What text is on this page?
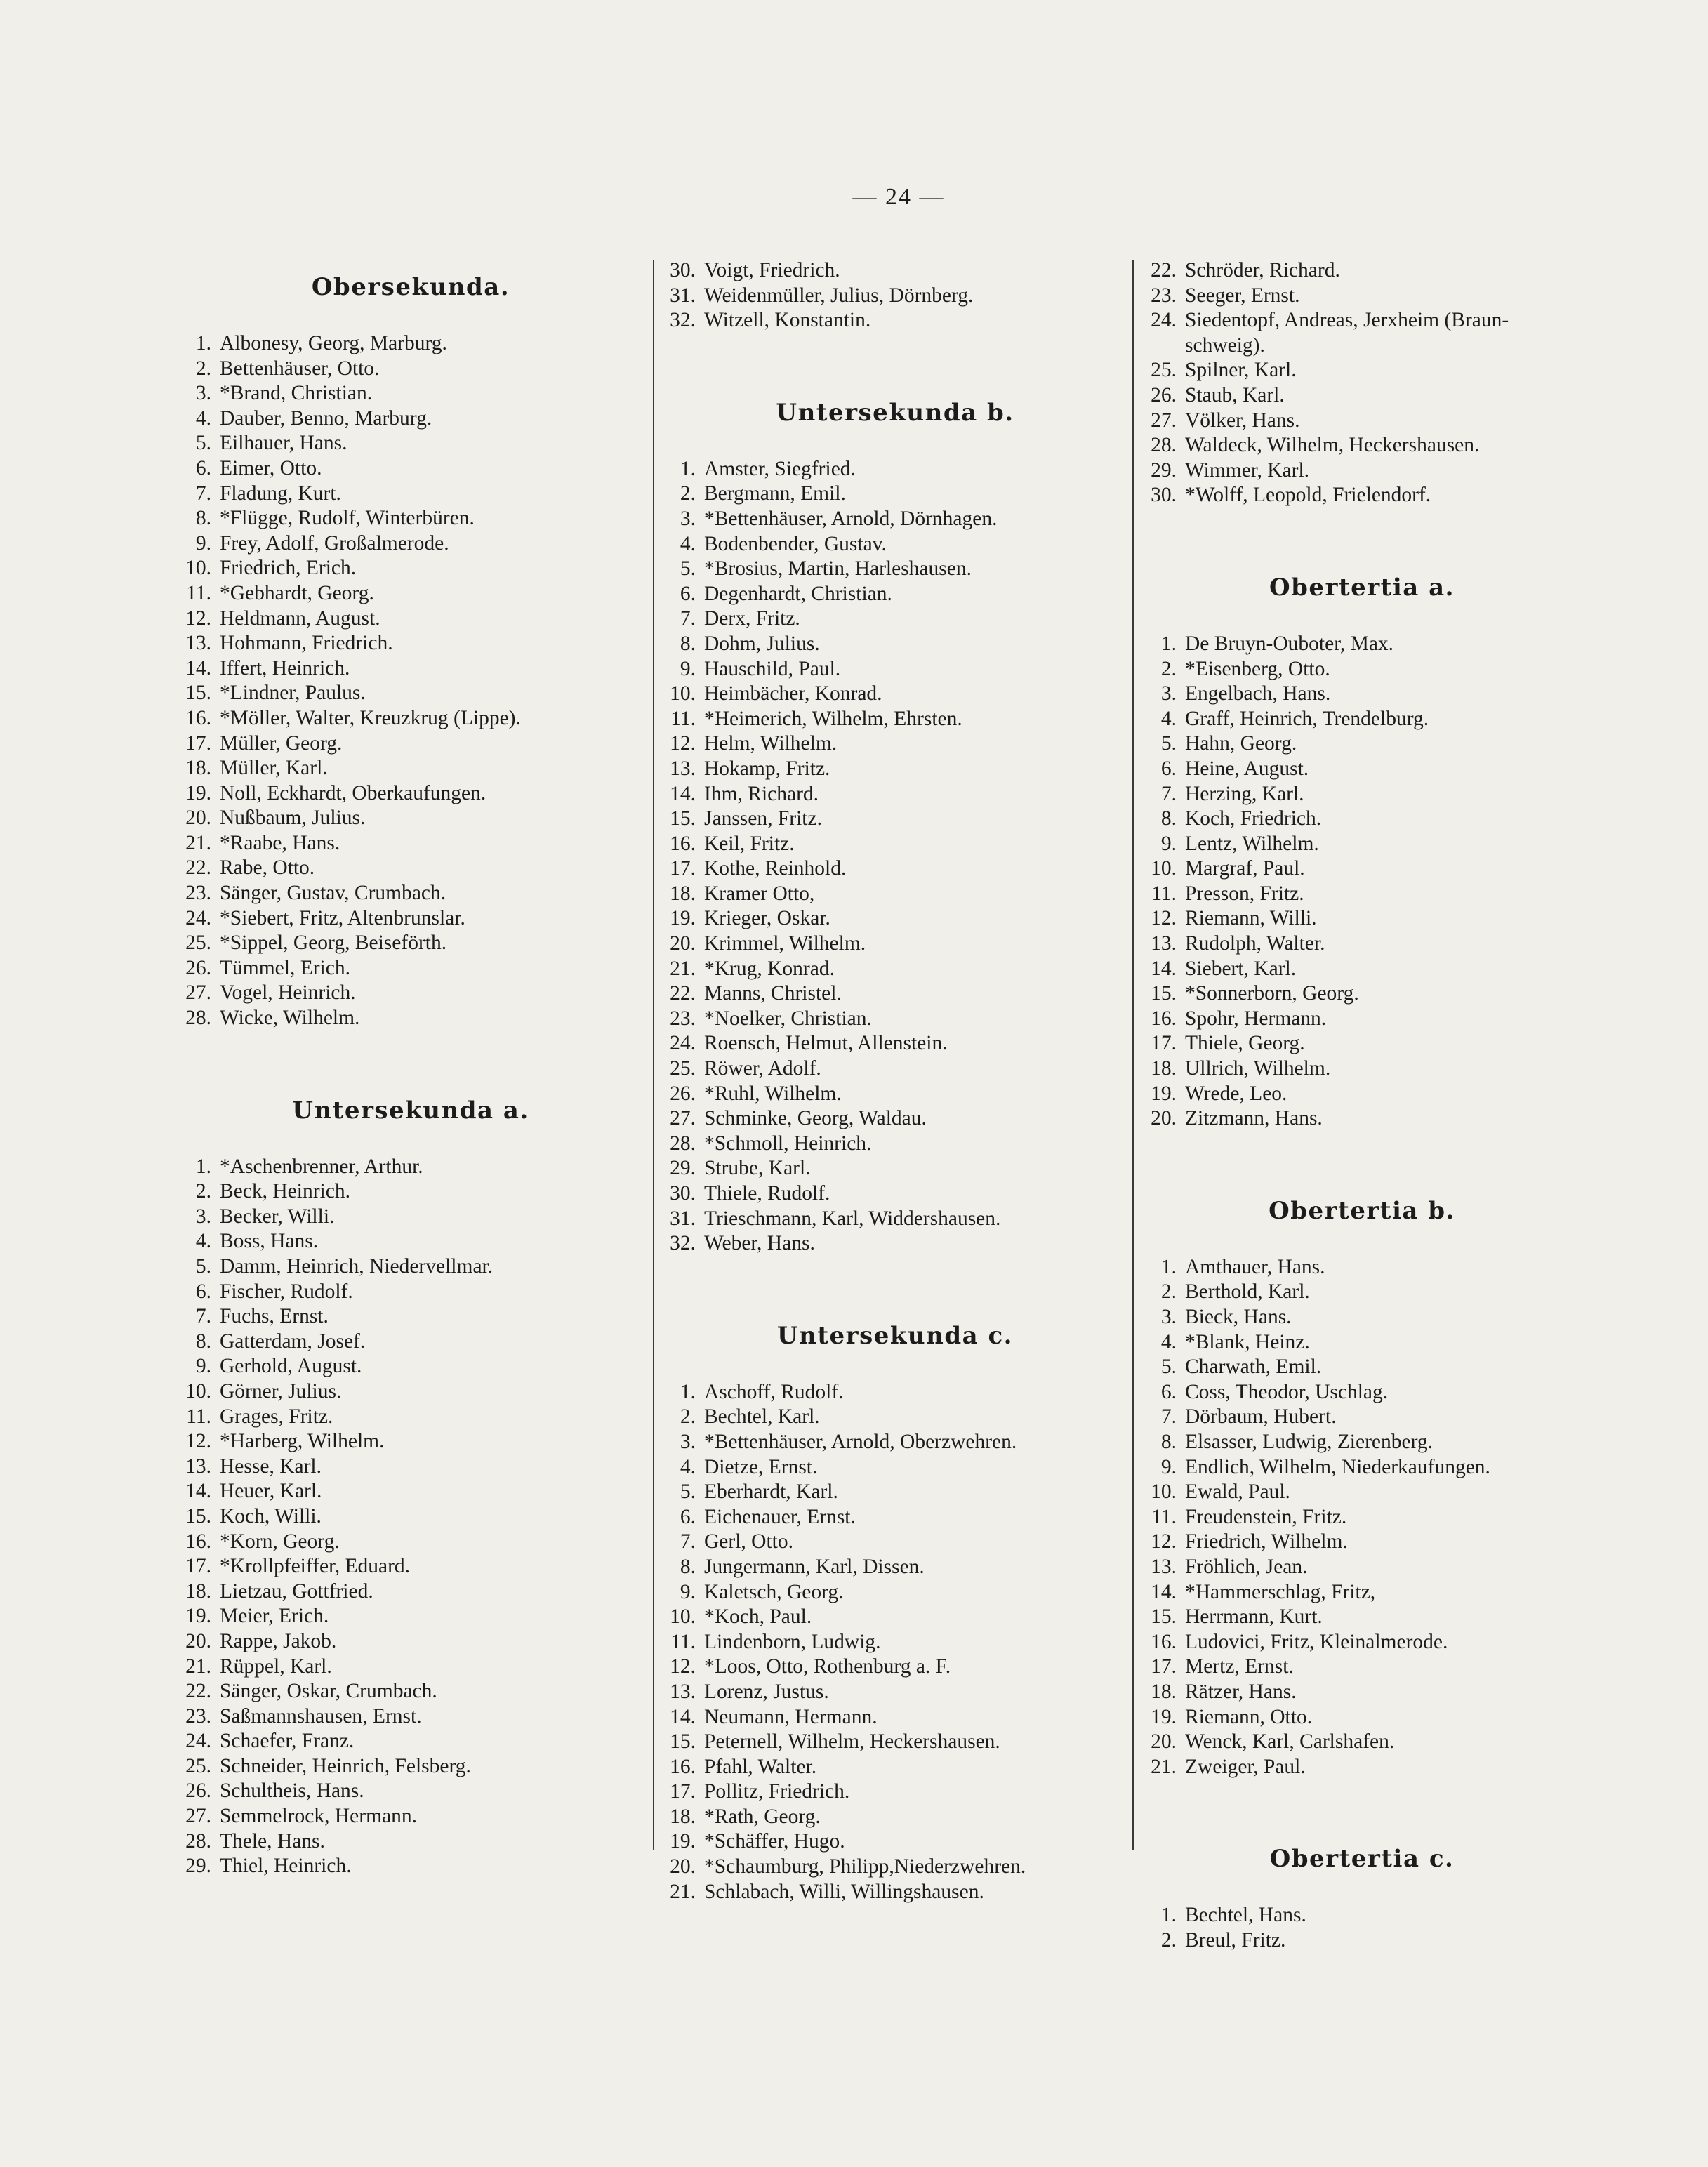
— 24 —
Obersekunda.
1. Albonesy, Georg, Marburg.
2. Bettenhäuser, Otto.
3. *Brand, Christian.
4. Dauber, Benno, Marburg.
5. Eilhauer, Hans.
6. Eimer, Otto.
7. Fladung, Kurt.
8. *Flügge, Rudolf, Winterbüren.
9. Frey, Adolf, Großalmerode.
10. Friedrich, Erich.
11. *Gebhardt, Georg.
12. Heldmann, August.
13. Hohmann, Friedrich.
14. Iffert, Heinrich.
15. *Lindner, Paulus.
16. *Möller, Walter, Kreuzkrug (Lippe).
17. Müller, Georg.
18. Müller, Karl.
19. Noll, Eckhardt, Oberkaufungen.
20. Nußbaum, Julius.
21. *Raabe, Hans.
22. Rabe, Otto.
23. Sänger, Gustav, Crumbach.
24. *Siebert, Fritz, Altenbrunslar.
25. *Sippel, Georg, Beiseförth.
26. Tümmel, Erich.
27. Vogel, Heinrich.
28. Wicke, Wilhelm.
Untersekunda a.
1. *Aschenbrenner, Arthur.
2. Beck, Heinrich.
3. Becker, Willi.
4. Boss, Hans.
5. Damm, Heinrich, Niedervellmar.
6. Fischer, Rudolf.
7. Fuchs, Ernst.
8. Gatterdam, Josef.
9. Gerhold, August.
10. Görner, Julius.
11. Grages, Fritz.
12. *Harberg, Wilhelm.
13. Hesse, Karl.
14. Heuer, Karl.
15. Koch, Willi.
16. *Korn, Georg.
17. *Krollpfeiffer, Eduard.
18. Lietzau, Gottfried.
19. Meier, Erich.
20. Rappe, Jakob.
21. Rüppel, Karl.
22. Sänger, Oskar, Crumbach.
23. Saßmannshausen, Ernst.
24. Schaefer, Franz.
25. Schneider, Heinrich, Felsberg.
26. Schultheis, Hans.
27. Semmelrock, Hermann.
28. Thele, Hans.
29. Thiel, Heinrich.
30. Voigt, Friedrich.
31. Weidenmüller, Julius, Dörnberg.
32. Witzell, Konstantin.
Untersekunda b.
1. Amster, Siegfried.
2. Bergmann, Emil.
3. *Bettenhäuser, Arnold, Dörnhagen.
4. Bodenbender, Gustav.
5. *Brosius, Martin, Harleshausen.
6. Degenhardt, Christian.
7. Derx, Fritz.
8. Dohm, Julius.
9. Hauschild, Paul.
10. Heimbächer, Konrad.
11. *Heimerich, Wilhelm, Ehrsten.
12. Helm, Wilhelm.
13. Hokamp, Fritz.
14. Ihm, Richard.
15. Janssen, Fritz.
16. Keil, Fritz.
17. Kothe, Reinhold.
18. Kramer Otto,
19. Krieger, Oskar.
20. Krimmel, Wilhelm.
21. *Krug, Konrad.
22. Manns, Christel.
23. *Noelker, Christian.
24. Roensch, Helmut, Allenstein.
25. Röwer, Adolf.
26. *Ruhl, Wilhelm.
27. Schminke, Georg, Waldau.
28. *Schmoll, Heinrich.
29. Strube, Karl.
30. Thiele, Rudolf.
31. Trieschmann, Karl, Widdershausen.
32. Weber, Hans.
Untersekunda c.
1. Aschoff, Rudolf.
2. Bechtel, Karl.
3. *Bettenhäuser, Arnold, Oberzwehren.
4. Dietze, Ernst.
5. Eberhardt, Karl.
6. Eichenauer, Ernst.
7. Gerl, Otto.
8. Jungermann, Karl, Dissen.
9. Kaletsch, Georg.
10. *Koch, Paul.
11. Lindenborn, Ludwig.
12. *Loos, Otto, Rothenburg a. F.
13. Lorenz, Justus.
14. Neumann, Hermann.
15. Peternell, Wilhelm, Heckershausen.
16. Pfahl, Walter.
17. Pollitz, Friedrich.
18. *Rath, Georg.
19. *Schäffer, Hugo.
20. *Schaumburg, Philipp,Niederzwehren.
21. Schlabach, Willi, Willingshausen.
22. Schröder, Richard.
23. Seeger, Ernst.
24. Siedentopf, Andreas, Jerxheim (Braun-
schweig).
25. Spilner, Karl.
26. Staub, Karl.
27. Völker, Hans.
28. Waldeck, Wilhelm, Heckershausen.
29. Wimmer, Karl.
30. *Wolff, Leopold, Frielendorf.
Obertertia a.
1. De Bruyn-Ouboter, Max.
2. *Eisenberg, Otto.
3. Engelbach, Hans.
4. Graff, Heinrich, Trendelburg.
5. Hahn, Georg.
6. Heine, August.
7. Herzing, Karl.
8. Koch, Friedrich.
9. Lentz, Wilhelm.
10. Margraf, Paul.
11. Presson, Fritz.
12. Riemann, Willi.
13. Rudolph, Walter.
14. Siebert, Karl.
15. *Sonnerborn, Georg.
16. Spohr, Hermann.
17. Thiele, Georg.
18. Ullrich, Wilhelm.
19. Wrede, Leo.
20. Zitzmann, Hans.
Obertertia b.
1. Amthauer, Hans.
2. Berthold, Karl.
3. Bieck, Hans.
4. *Blank, Heinz.
5. Charwath, Emil.
6. Coss, Theodor, Uschlag.
7. Dörbaum, Hubert.
8. Elsasser, Ludwig, Zierenberg.
9. Endlich, Wilhelm, Niederkaufungen.
10. Ewald, Paul.
11. Freudenstein, Fritz.
12. Friedrich, Wilhelm.
13. Fröhlich, Jean.
14. *Hammerschlag, Fritz,
15. Herrmann, Kurt.
16. Ludovici, Fritz, Kleinalmerode.
17. Mertz, Ernst.
18. Rätzer, Hans.
19. Riemann, Otto.
20. Wenck, Karl, Carlshafen.
21. Zweiger, Paul.
Obertertia c.
1. Bechtel, Hans.
2. Breul, Fritz.
